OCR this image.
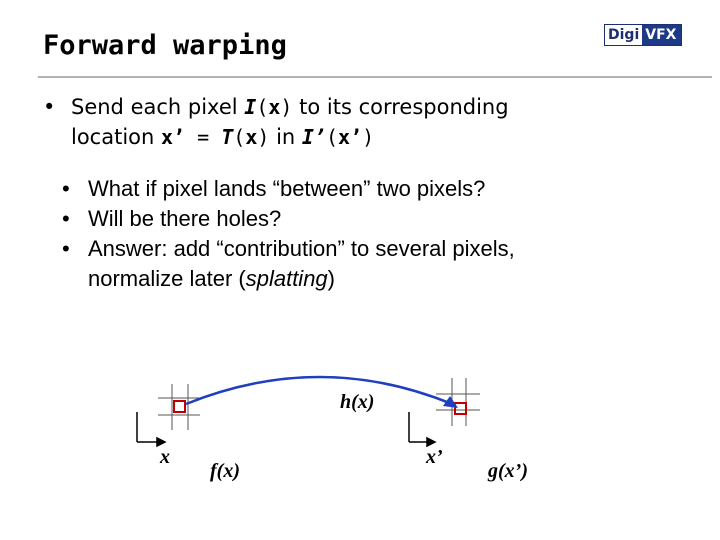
Forward warping	Digi VFX
• Send each pixel I(x) to its corresponding
location x’ = T(x) in I’(x’)
• What if pixel lands “between” two pixels?
• Will be there holes?
• Answer: add “contribution” to several pixels,
normalize later (splatting)
h(x)
x
f(x)
x’
g(x’)
